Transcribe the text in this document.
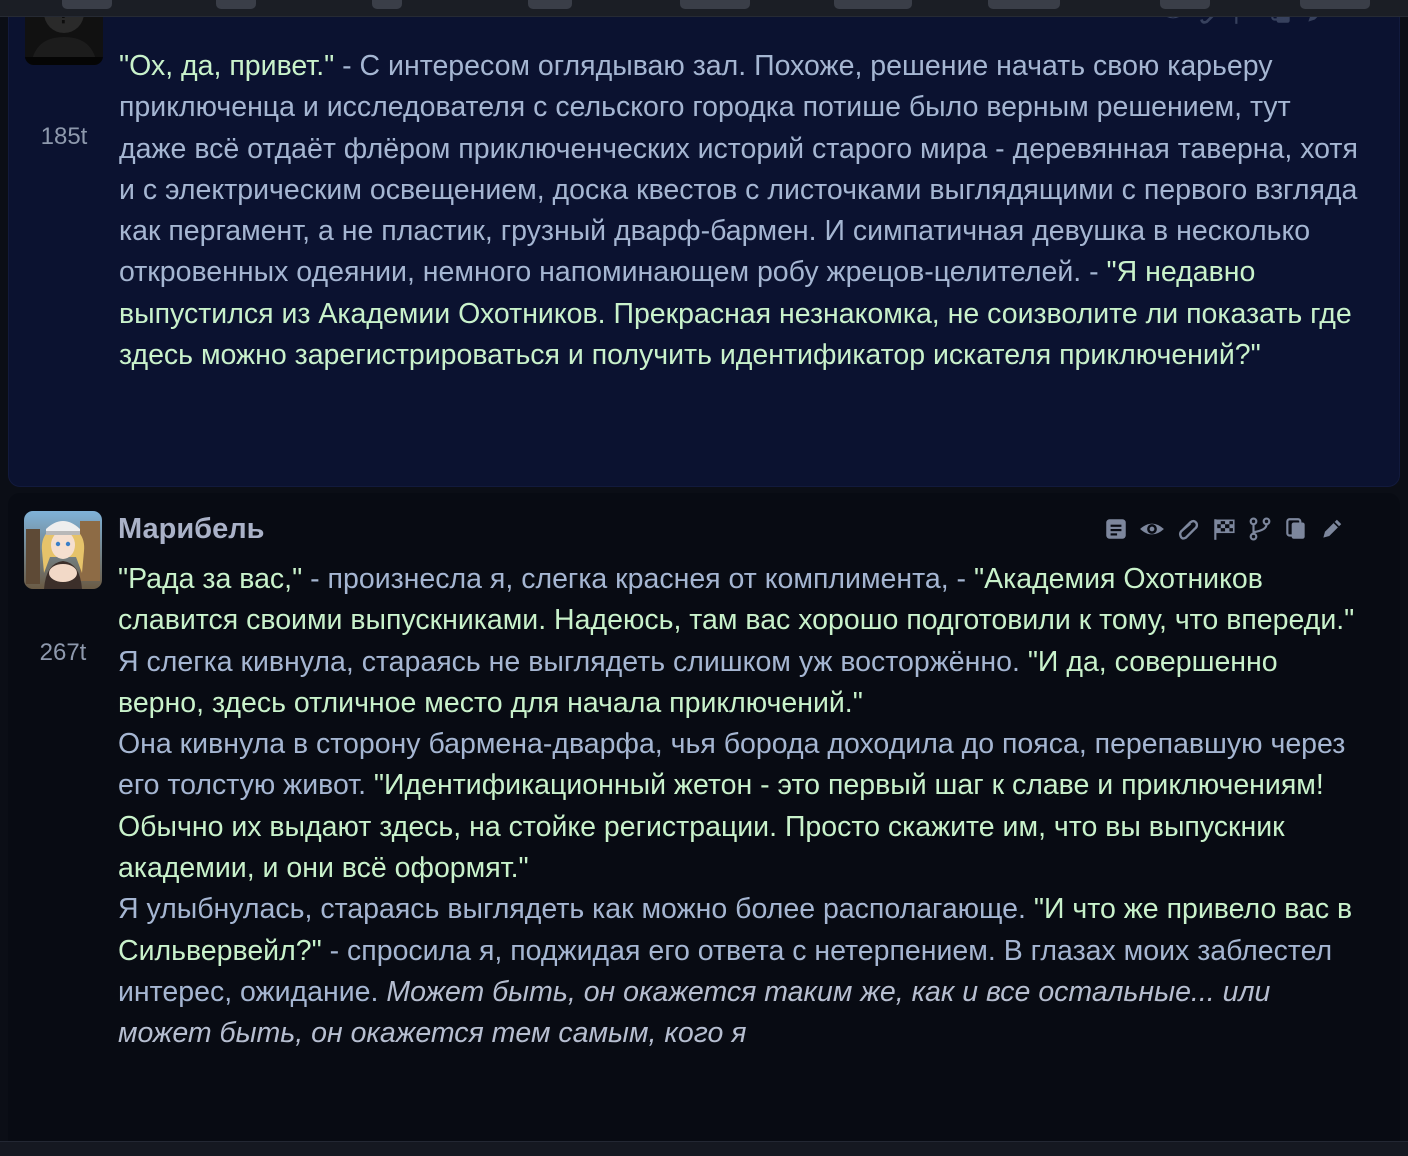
185t

"Ох, да, привет." - С интересом оглядываю зал. Похоже, решение начать свою карьеру приключенца и исследователя с сельского городка потише было верным решением, тут даже всё отдаёт флёром приключенческих историй старого мира - деревянная таверна, хотя и с электрическим освещением, доска квестов с листочками выглядящими с первого взгляда как пергамент, а не пластик, грузный дварф-бармен. И симпатичная девушка в несколько откровенных одеянии, немного напоминающем робу жрецов-целителей. - "Я недавно выпустился из Академии Охотников. Прекрасная незнакомка, не соизволите ли показать где здесь можно зарегистрироваться и получить идентификатор искателя приключений?"

267t
Марибель

"Рада за вас," - произнесла я, слегка краснея от комплимента, - "Академия Охотников славится своими выпускниками. Надеюсь, там вас хорошо подготовили к тому, что впереди." Я слегка кивнула, стараясь не выглядеть слишком уж восторжённо. "И да, совершенно верно, здесь отличное место для начала приключений."

Она кивнула в сторону бармена-дварфа, чья борода доходила до пояса, перепавшую через его толстую живот. "Идентификационный жетон - это первый шаг к славе и приключениям! Обычно их выдают здесь, на стойке регистрации. Просто скажите им, что вы выпускник академии, и они всё оформят."

Я улыбнулась, стараясь выглядеть как можно более располагающе. "И что же привело вас в Сильвервейл?" - спросила я, поджидая его ответа с нетерпением. В глазах моих заблестел интерес, ожидание. Может быть, он окажется таким же, как и все остальные... или может быть, он окажется тем самым, кого я
